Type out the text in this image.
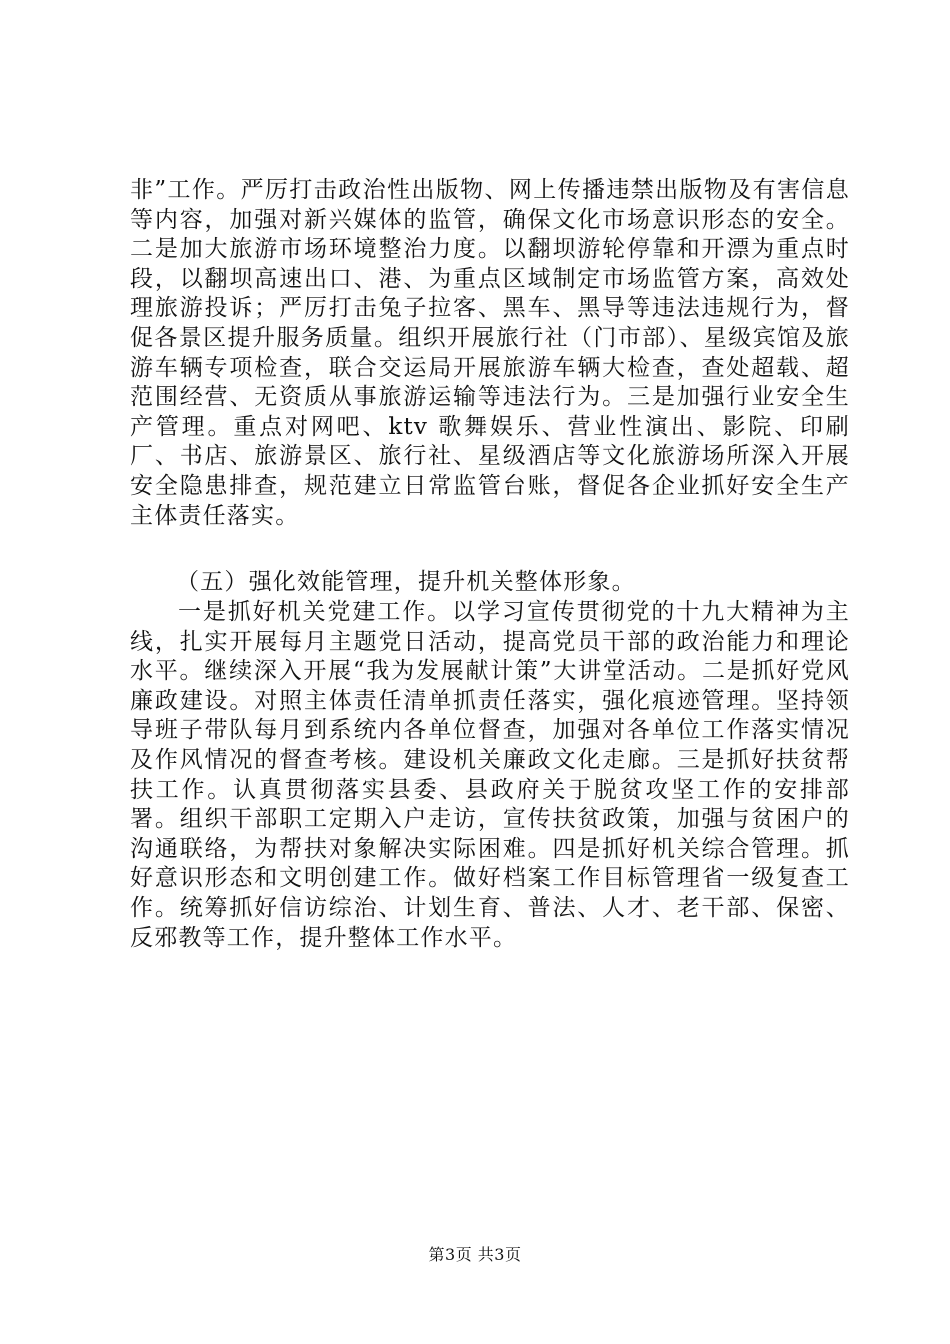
非”工作。严厉打击政治性出版物、网上传播违禁出版物及有害信息等内容，加强对新兴媒体的监管，确保文化市场意识形态的安全。二是加大旅游市场环境整治力度。以翻坝游轮停靠和开漂为重点时段，以翻坝高速出口、港、为重点区域制定市场监管方案，高效处理旅游投诉；严厉打击兔子拉客、黑车、黑导等违法违规行为，督促各景区提升服务质量。组织开展旅行社（门市部）、星级宾馆及旅游车辆专项检查，联合交运局开展旅游车辆大检查，查处超载、超范围经营、无资质从事旅游运输等违法行为。三是加强行业安全生产管理。重点对网吧、ktv 歌舞娱乐、营业性演出、影院、印刷厂、书店、旅游景区、旅行社、星级酒店等文化旅游场所深入开展安全隐患排查，规范建立日常监管台账，督促各企业抓好安全生产主体责任落实。

（五）强化效能管理，提升机关整体形象。

一是抓好机关党建工作。以学习宣传贯彻党的十九大精神为主线，扎实开展每月主题党日活动，提高党员干部的政治能力和理论水平。继续深入开展“我为发展献计策”大讲堂活动。二是抓好党风廉政建设。对照主体责任清单抓责任落实，强化痕迹管理。坚持领导班子带队每月到系统内各单位督查，加强对各单位工作落实情况及作风情况的督查考核。建设机关廉政文化走廊。三是抓好扶贫帮扶工作。认真贯彻落实县委、县政府关于脱贫攻坚工作的安排部署。组织干部职工定期入户走访，宣传扶贫政策，加强与贫困户的沟通联络，为帮扶对象解决实际困难。四是抓好机关综合管理。抓好意识形态和文明创建工作。做好档案工作目标管理省一级复查工作。统筹抓好信访综治、计划生育、普法、人才、老干部、保密、反邪教等工作，提升整体工作水平。

第3页 共3页
